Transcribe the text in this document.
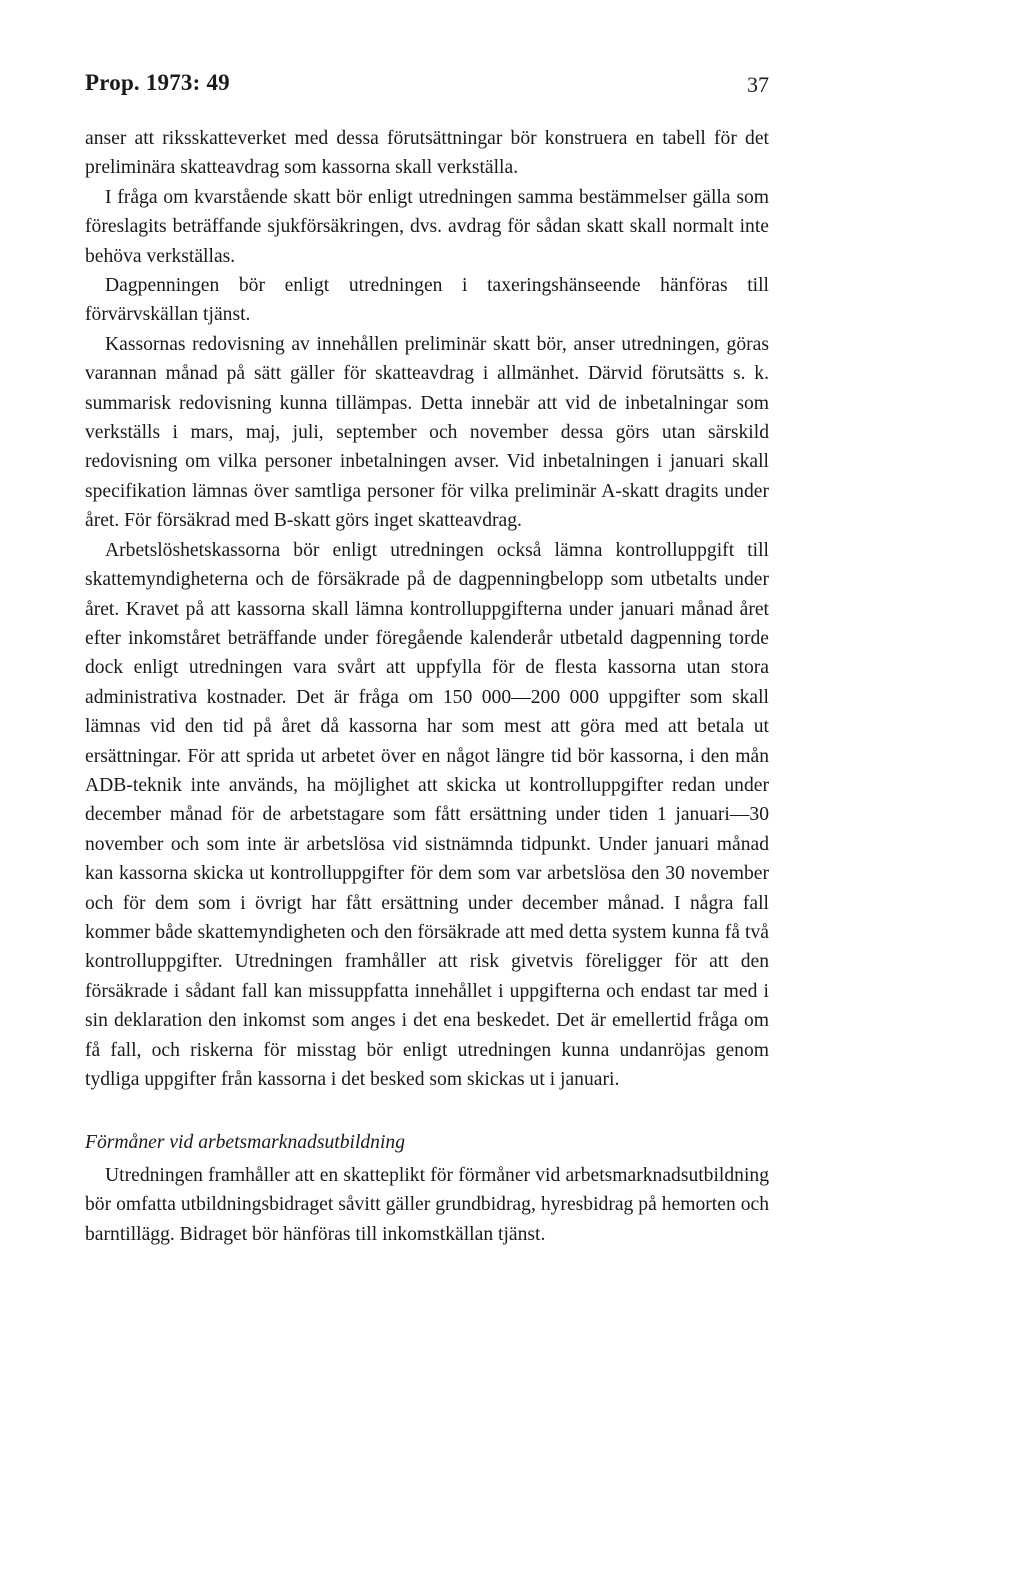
Prop. 1973: 49	37

anser att riksskatteverket med dessa förutsättningar bör konstruera en tabell för det preliminära skatteavdrag som kassorna skall verkställa.

I fråga om kvarstående skatt bör enligt utredningen samma bestämmelser gälla som föreslagits beträffande sjukförsäkringen, dvs. avdrag för sådan skatt skall normalt inte behöva verkställas.

Dagpenningen bör enligt utredningen i taxeringshänseende hänföras till förvärvskällan tjänst.

Kassornas redovisning av innehållen preliminär skatt bör, anser utredningen, göras varannan månad på sätt gäller för skatteavdrag i allmänhet. Därvid förutsätts s. k. summarisk redovisning kunna tillämpas. Detta innebär att vid de inbetalningar som verkställs i mars, maj, juli, september och november dessa görs utan särskild redovisning om vilka personer inbetalningen avser. Vid inbetalningen i januari skall specifikation lämnas över samtliga personer för vilka preliminär A-skatt dragits under året. För försäkrad med B-skatt görs inget skatteavdrag.

Arbetslöshetskassorna bör enligt utredningen också lämna kontrolluppgift till skattemyndigheterna och de försäkrade på de dagpenningbelopp som utbetalts under året. Kravet på att kassorna skall lämna kontrolluppgifterna under januari månad året efter inkomståret beträffande under föregående kalenderår utbetald dagpenning torde dock enligt utredningen vara svårt att uppfylla för de flesta kassorna utan stora administrativa kostnader. Det är fråga om 150 000—200 000 uppgifter som skall lämnas vid den tid på året då kassorna har som mest att göra med att betala ut ersättningar. För att sprida ut arbetet över en något längre tid bör kassorna, i den mån ADB-teknik inte används, ha möjlighet att skicka ut kontrolluppgifter redan under december månad för de arbetstagare som fått ersättning under tiden 1 januari—30 november och som inte är arbetslösa vid sistnämnda tidpunkt. Under januari månad kan kassorna skicka ut kontrolluppgifter för dem som var arbetslösa den 30 november och för dem som i övrigt har fått ersättning under december månad. I några fall kommer både skattemyndigheten och den försäkrade att med detta system kunna få två kontrolluppgifter. Utredningen framhåller att risk givetvis föreligger för att den försäkrade i sådant fall kan missuppfatta innehållet i uppgifterna och endast tar med i sin deklaration den inkomst som anges i det ena beskedet. Det är emellertid fråga om få fall, och riskerna för misstag bör enligt utredningen kunna undanröjas genom tydliga uppgifter från kassorna i det besked som skickas ut i januari.

Förmåner vid arbetsmarknadsutbildning

Utredningen framhåller att en skatteplikt för förmåner vid arbetsmarknadsutbildning bör omfatta utbildningsbidraget såvitt gäller grundbidrag, hyresbidrag på hemorten och barntillägg. Bidraget bör hänföras till inkomstkällan tjänst.
